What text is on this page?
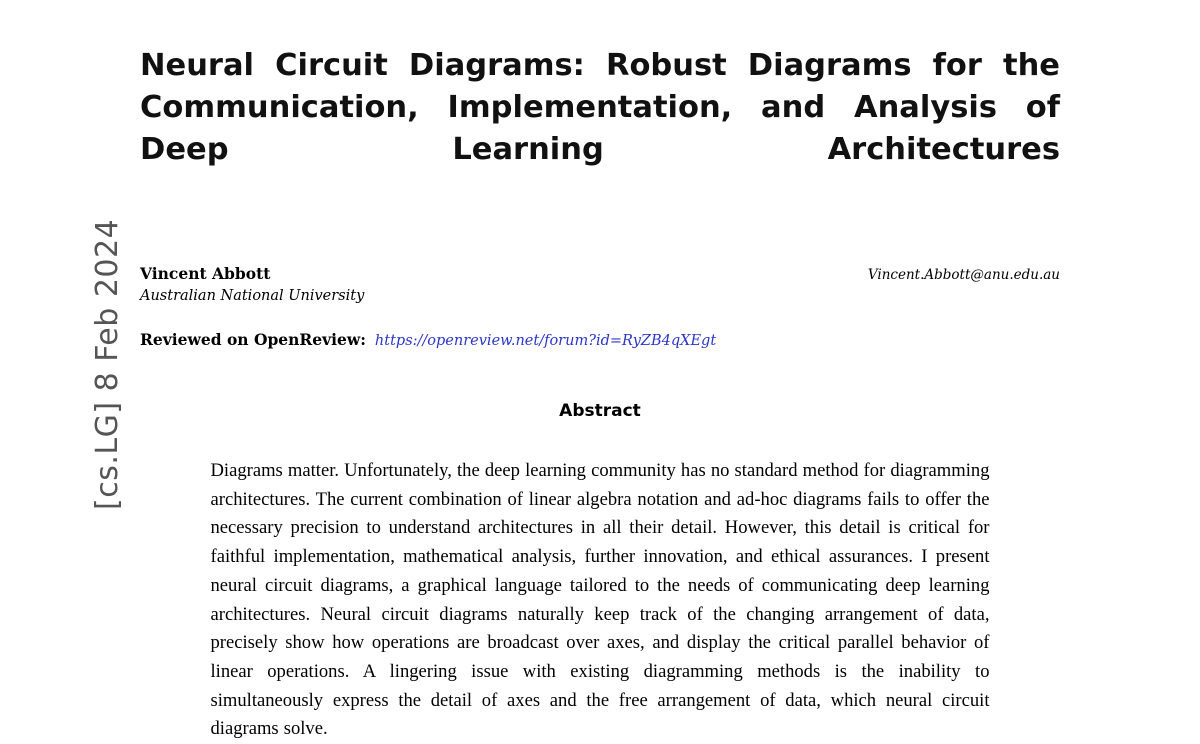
[cs.LG] 8 Feb 2024
Neural Circuit Diagrams: Robust Diagrams for the Communication, Implementation, and Analysis of Deep Learning Architectures
Vincent Abbott
Australian National University
Vincent.Abbott@anu.edu.au
Reviewed on OpenReview: https://openreview.net/forum?id=RyZB4qXEgt
Abstract

Diagrams matter. Unfortunately, the deep learning community has no standard method for diagramming architectures. The current combination of linear algebra notation and ad-hoc diagrams fails to offer the necessary precision to understand architectures in all their detail. However, this detail is critical for faithful implementation, mathematical analysis, further innovation, and ethical assurances. I present neural circuit diagrams, a graphical language tailored to the needs of communicating deep learning architectures. Neural circuit diagrams naturally keep track of the changing arrangement of data, precisely show how operations are broadcast over axes, and display the critical parallel behavior of linear operations. A lingering issue with existing diagramming methods is the inability to simultaneously express the detail of axes and the free arrangement of data, which neural circuit diagrams solve.
